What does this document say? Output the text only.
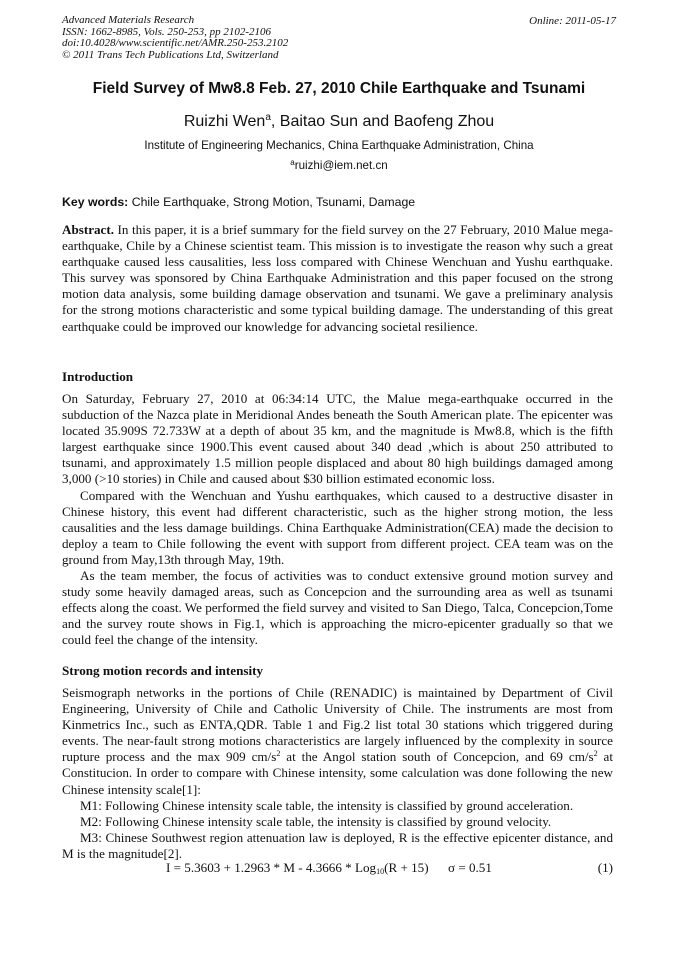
Advanced Materials Research
ISSN: 1662-8985, Vols. 250-253, pp 2102-2106
doi:10.4028/www.scientific.net/AMR.250-253.2102
© 2011 Trans Tech Publications Ltd, Switzerland
Online: 2011-05-17
Field Survey of Mw8.8 Feb. 27, 2010 Chile Earthquake and Tsunami
Ruizhi Wen$^a$, Baitao Sun and Baofeng Zhou
Institute of Engineering Mechanics, China Earthquake Administration, China
$^a$ruizhi@iem.net.cn
Key words: Chile Earthquake, Strong Motion, Tsunami, Damage

Abstract. In this paper, it is a brief summary for the field survey on the 27 February, 2010 Malue mega-earthquake, Chile by a Chinese scientist team. This mission is to investigate the reason why such a great earthquake caused less causalities, less loss compared with Chinese Wenchuan and Yushu earthquake. This survey was sponsored by China Earthquake Administration and this paper focused on the strong motion data analysis, some building damage observation and tsunami. We gave a preliminary analysis for the strong motions characteristic and some typical building damage. The understanding of this great earthquake could be improved our knowledge for advancing societal resilience.

Introduction

On Saturday, February 27, 2010 at 06:34:14 UTC, the Malue mega-earthquake occurred in the subduction of the Nazca plate in Meridional Andes beneath the South American plate. The epicenter was located 35.909S 72.733W at a depth of about 35 km, and the magnitude is Mw8.8, which is the fifth largest earthquake since 1900.This event caused about 340 dead ,which is about 250 attributed to tsunami, and approximately 1.5 million people displaced and about 80 high buildings damaged among 3,000 (>10 stories) in Chile and caused about $30 billion estimated economic loss.

Compared with the Wenchuan and Yushu earthquakes, which caused to a destructive disaster in Chinese history, this event had different characteristic, such as the higher strong motion, the less causalities and the less damage buildings. China Earthquake Administration(CEA) made the decision to deploy a team to Chile following the event with support from different project. CEA team was on the ground from May,13th through May, 19th.

As the team member, the focus of activities was to conduct extensive ground motion survey and study some heavily damaged areas, such as Concepcion and the surrounding area as well as tsunami effects along the coast. We performed the field survey and visited to San Diego, Talca, Concepcion,Tome and the survey route shows in Fig.1, which is approaching the micro-epicenter gradually so that we could feel the change of the intensity.

Strong motion records and intensity

Seismograph networks in the portions of Chile (RENADIC) is maintained by Department of Civil Engineering, University of Chile and Catholic University of Chile. The instruments are most from Kinmetrics Inc., such as ENTA,QDR. Table 1 and Fig.2 list total 30 stations which triggered during events. The near-fault strong motions characteristics are largely influenced by the complexity in source rupture process and the max 909 $cm/s^2$ at the Angol station south of Concepcion, and 69 $cm/s^2$ at Constitucion. In order to compare with Chinese intensity, some calculation was done following the new Chinese intensity scale[1]:

M1: Following Chinese intensity scale table, the intensity is classified by ground acceleration.

M2: Following Chinese intensity scale table, the intensity is classified by ground velocity.

M3: Chinese Southwest region attenuation law is deployed, R is the effective epicenter distance, and M is the magnitude[2].

I = 5.3603 + 1.2963 * M - 4.3666 * Log$_{10}$(R + 15) σ = 0.51	(1)
